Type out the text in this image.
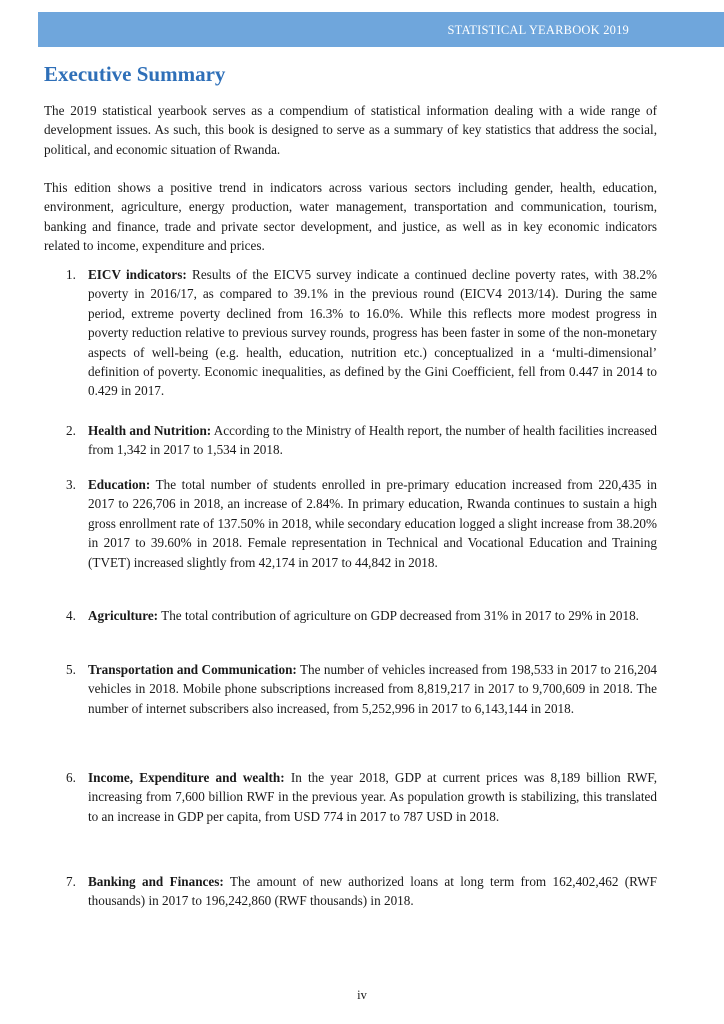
STATISTICAL YEARBOOK 2019
Executive Summary

The 2019 statistical yearbook serves as a compendium of statistical information dealing with a wide range of development issues. As such, this book is designed to serve as a summary of key statistics that address the social, political, and economic situation of Rwanda.

This edition shows a positive trend in indicators across various sectors including gender, health, education, environment, agriculture, energy production, water management, transportation and communication, tourism, banking and finance, trade and private sector development, and justice, as well as in key economic indicators related to income, expenditure and prices.

1. EICV indicators: Results of the EICV5 survey indicate a continued decline poverty rates, with 38.2% poverty in 2016/17, as compared to 39.1% in the previous round (EICV4 2013/14). During the same period, extreme poverty declined from 16.3% to 16.0%. While this reflects more modest progress in poverty reduction relative to previous survey rounds, progress has been faster in some of the non-monetary aspects of well-being (e.g. health, education, nutrition etc.) conceptualized in a ‘multi-dimensional’ definition of poverty. Economic inequalities, as defined by the Gini Coefficient, fell from 0.447 in 2014 to 0.429 in 2017.
2. Health and Nutrition: According to the Ministry of Health report, the number of health facilities increased from 1,342 in 2017 to 1,534 in 2018.
3. Education: The total number of students enrolled in pre-primary education increased from 220,435 in 2017 to 226,706 in 2018, an increase of 2.84%. In primary education, Rwanda continues to sustain a high gross enrollment rate of 137.50% in 2018, while secondary education logged a slight increase from 38.20% in 2017 to 39.60% in 2018. Female representation in Technical and Vocational Education and Training (TVET) increased slightly from 42,174 in 2017 to 44,842 in 2018.
4. Agriculture: The total contribution of agriculture on GDP decreased from 31% in 2017 to 29% in 2018.
5. Transportation and Communication: The number of vehicles increased from 198,533 in 2017 to 216,204 vehicles in 2018. Mobile phone subscriptions increased from 8,819,217 in 2017 to 9,700,609 in 2018. The number of internet subscribers also increased, from 5,252,996 in 2017 to 6,143,144 in 2018.
6. Income, Expenditure and wealth: In the year 2018, GDP at current prices was 8,189 billion RWF, increasing from 7,600 billion RWF in the previous year. As population growth is stabilizing, this translated to an increase in GDP per capita, from USD 774 in 2017 to 787 USD in 2018.
7. Banking and Finances: The amount of new authorized loans at long term from 162,402,462 (RWF thousands) in 2017 to 196,242,860 (RWF thousands) in 2018.
iv
